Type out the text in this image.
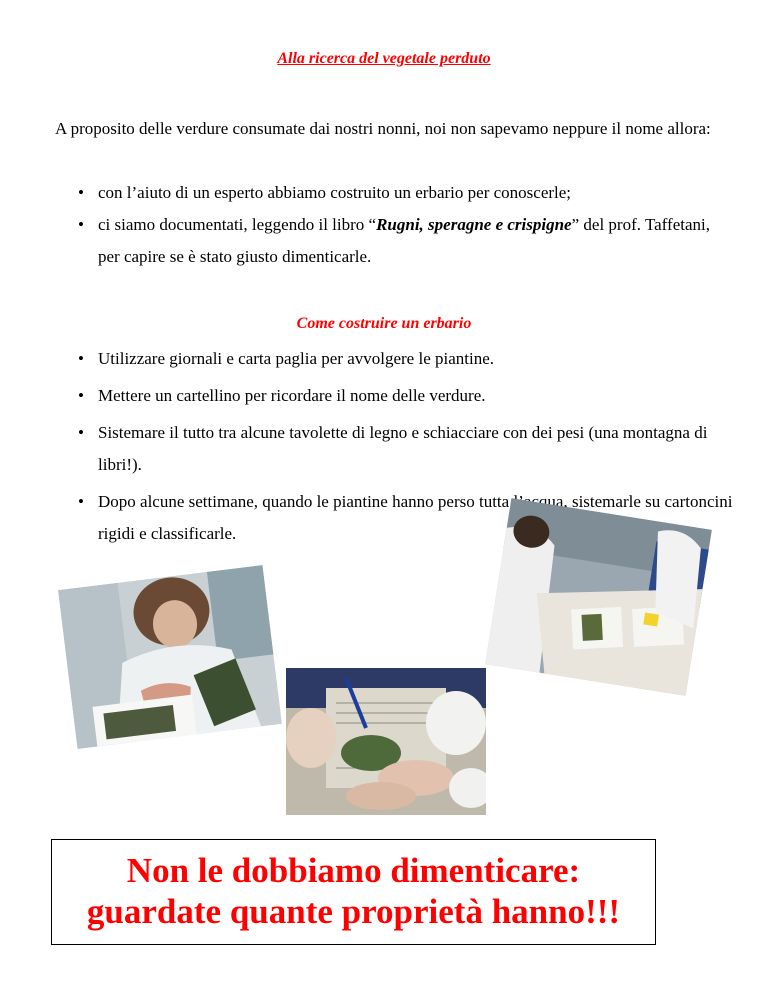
Alla ricerca del vegetale perduto
A proposito delle verdure consumate dai nostri nonni, noi non sapevamo neppure il nome allora:
• con l’aiuto di un esperto abbiamo costruito un erbario per conoscerle;
• ci siamo documentati, leggendo il libro “Rugni, speragne e crispigne” del prof. Taffetani, per capire se è stato giusto dimenticarle.
Come costruire un erbario
• Utilizzare giornali e carta paglia per avvolgere le piantine.
• Mettere un cartellino per ricordare il nome delle verdure.
• Sistemare il tutto tra alcune tavolette di legno e schiacciare con dei pesi (una montagna di libri!).
• Dopo alcune settimane, quando le piantine hanno perso tutta l’acqua, sistemarle su cartoncini rigidi e classificarle.
Non le dobbiamo dimenticare:
guardate quante proprietà hanno!!!
